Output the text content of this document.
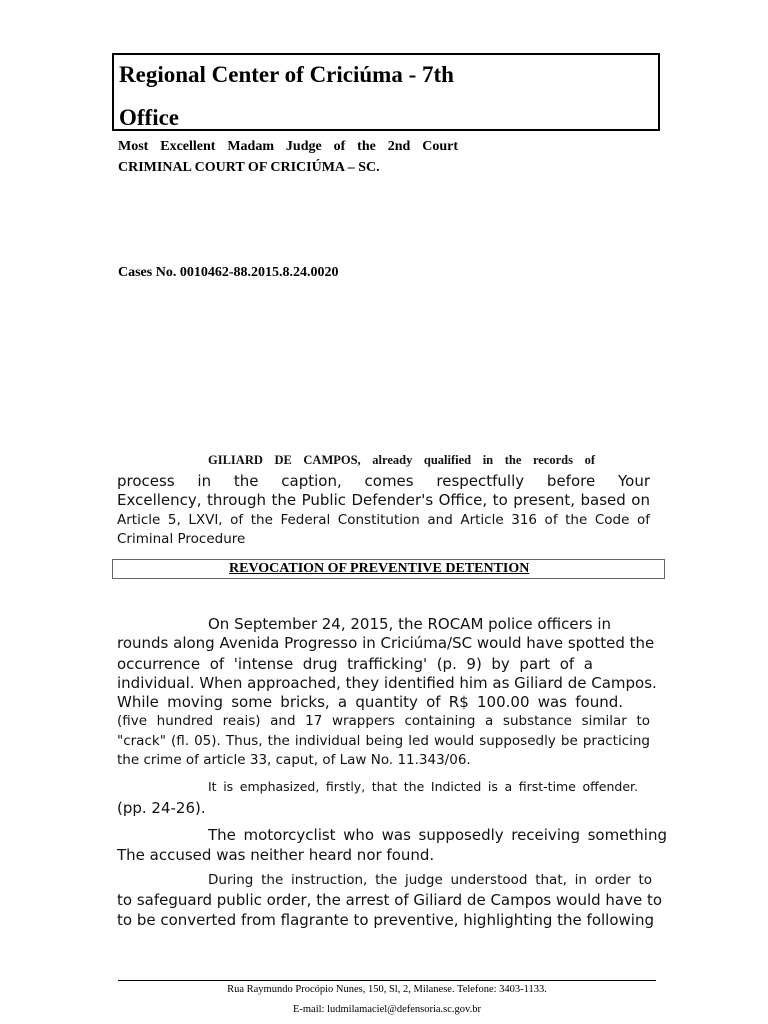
Regional Center of Criciúma - 7th
Office
Most Excellent Madam Judge of the 2nd Court
CRIMINAL COURT OF CRICIÚMA – SC.
Cases No. 0010462-88.2015.8.24.0020
GILIARD DE CAMPOS, already qualified in the records of
process in the caption, comes respectfully before Your
Excellency, through the Public Defender's Office, to present, based on
Article 5, LXVI, of the Federal Constitution and Article 316 of the Code of
Criminal Procedure
REVOCATION OF PREVENTIVE DETENTION
On September 24, 2015, the ROCAM police officers in
rounds along Avenida Progresso in Criciúma/SC would have spotted the
occurrence of 'intense drug trafficking' (p. 9) by part of a
individual. When approached, they identified him as Giliard de Campos.
While moving some bricks, a quantity of R$ 100.00 was found.
(five hundred reais) and 17 wrappers containing a substance similar to
"crack" (fl. 05). Thus, the individual being led would supposedly be practicing
the crime of article 33, caput, of Law No. 11.343/06.
It is emphasized, firstly, that the Indicted is a first-time offender.
(pp. 24-26).
The motorcyclist who was supposedly receiving something
The accused was neither heard nor found.
During the instruction, the judge understood that, in order to
to safeguard public order, the arrest of Giliard de Campos would have to
to be converted from flagrante to preventive, highlighting the following
Rua Raymundo Procópio Nunes, 150, Sl, 2, Milanese. Telefone: 3403-1133.
E-mail: ludmilamaciel@defensoria.sc.gov.br
